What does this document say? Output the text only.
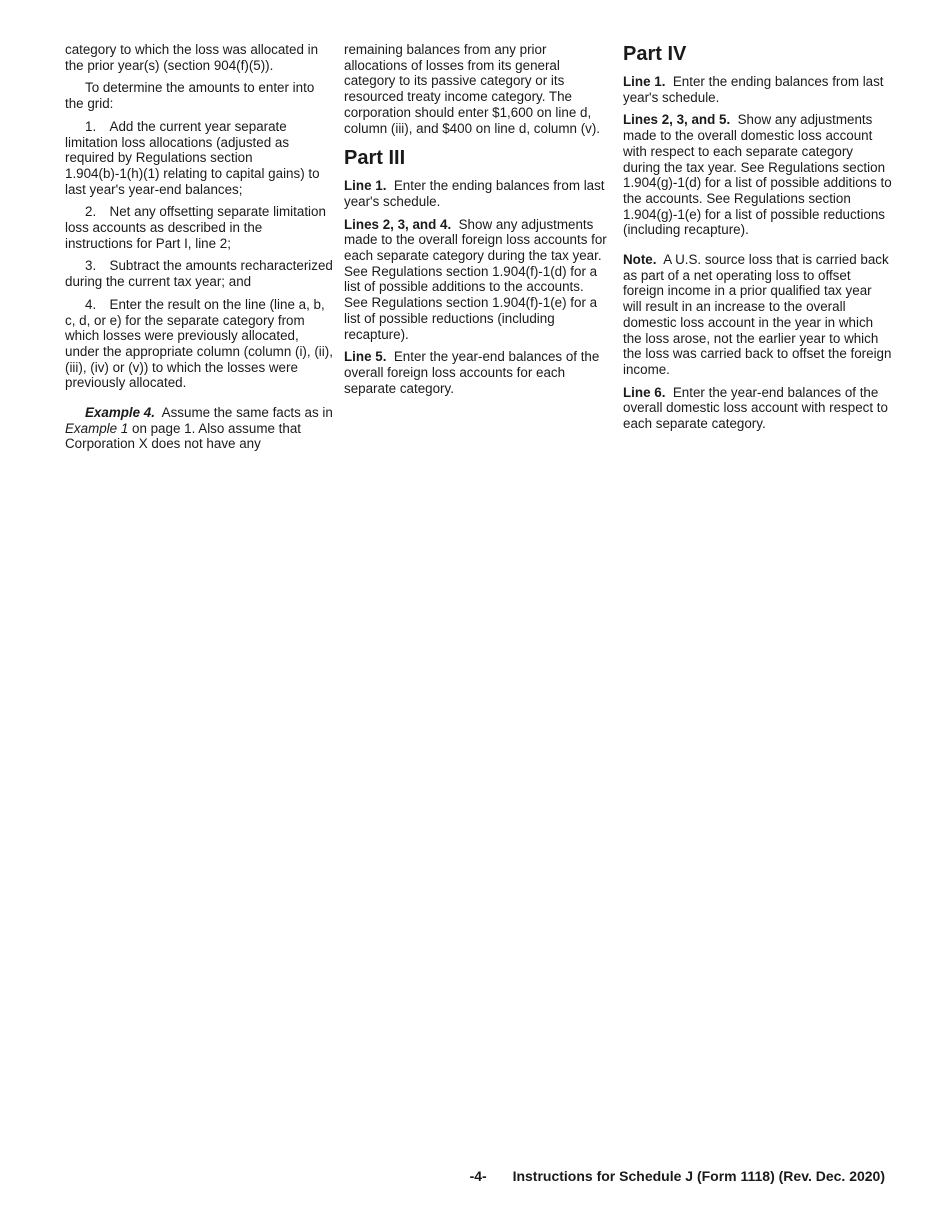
category to which the loss was allocated in the prior year(s) (section 904(f)(5)).

To determine the amounts to enter into the grid:

1. Add the current year separate limitation loss allocations (adjusted as required by Regulations section 1.904(b)-1(h)(1) relating to capital gains) to last year's year-end balances;

2. Net any offsetting separate limitation loss accounts as described in the instructions for Part I, line 2;

3. Subtract the amounts recharacterized during the current tax year; and

4. Enter the result on the line (line a, b, c, d, or e) for the separate category from which losses were previously allocated, under the appropriate column (column (i), (ii), (iii), (iv) or (v)) to which the losses were previously allocated.

Example 4. Assume the same facts as in Example 1 on page 1. Also assume that Corporation X does not have any

remaining balances from any prior allocations of losses from its general category to its passive category or its resourced treaty income category. The corporation should enter $1,600 on line d, column (iii), and $400 on line d, column (v).

Part III

Line 1. Enter the ending balances from last year's schedule.

Lines 2, 3, and 4. Show any adjustments made to the overall foreign loss accounts for each separate category during the tax year. See Regulations section 1.904(f)-1(d) for a list of possible additions to the accounts. See Regulations section 1.904(f)-1(e) for a list of possible reductions (including recapture).

Line 5. Enter the year-end balances of the overall foreign loss accounts for each separate category.

Part IV

Line 1. Enter the ending balances from last year's schedule.

Lines 2, 3, and 5. Show any adjustments made to the overall domestic loss account with respect to each separate category during the tax year. See Regulations section 1.904(g)-1(d) for a list of possible additions to the accounts. See Regulations section 1.904(g)-1(e) for a list of possible reductions (including recapture).

Note. A U.S. source loss that is carried back as part of a net operating loss to offset foreign income in a prior qualified tax year will result in an increase to the overall domestic loss account in the year in which the loss arose, not the earlier year to which the loss was carried back to offset the foreign income.

Line 6. Enter the year-end balances of the overall domestic loss account with respect to each separate category.

-4- Instructions for Schedule J (Form 1118) (Rev. Dec. 2020)
